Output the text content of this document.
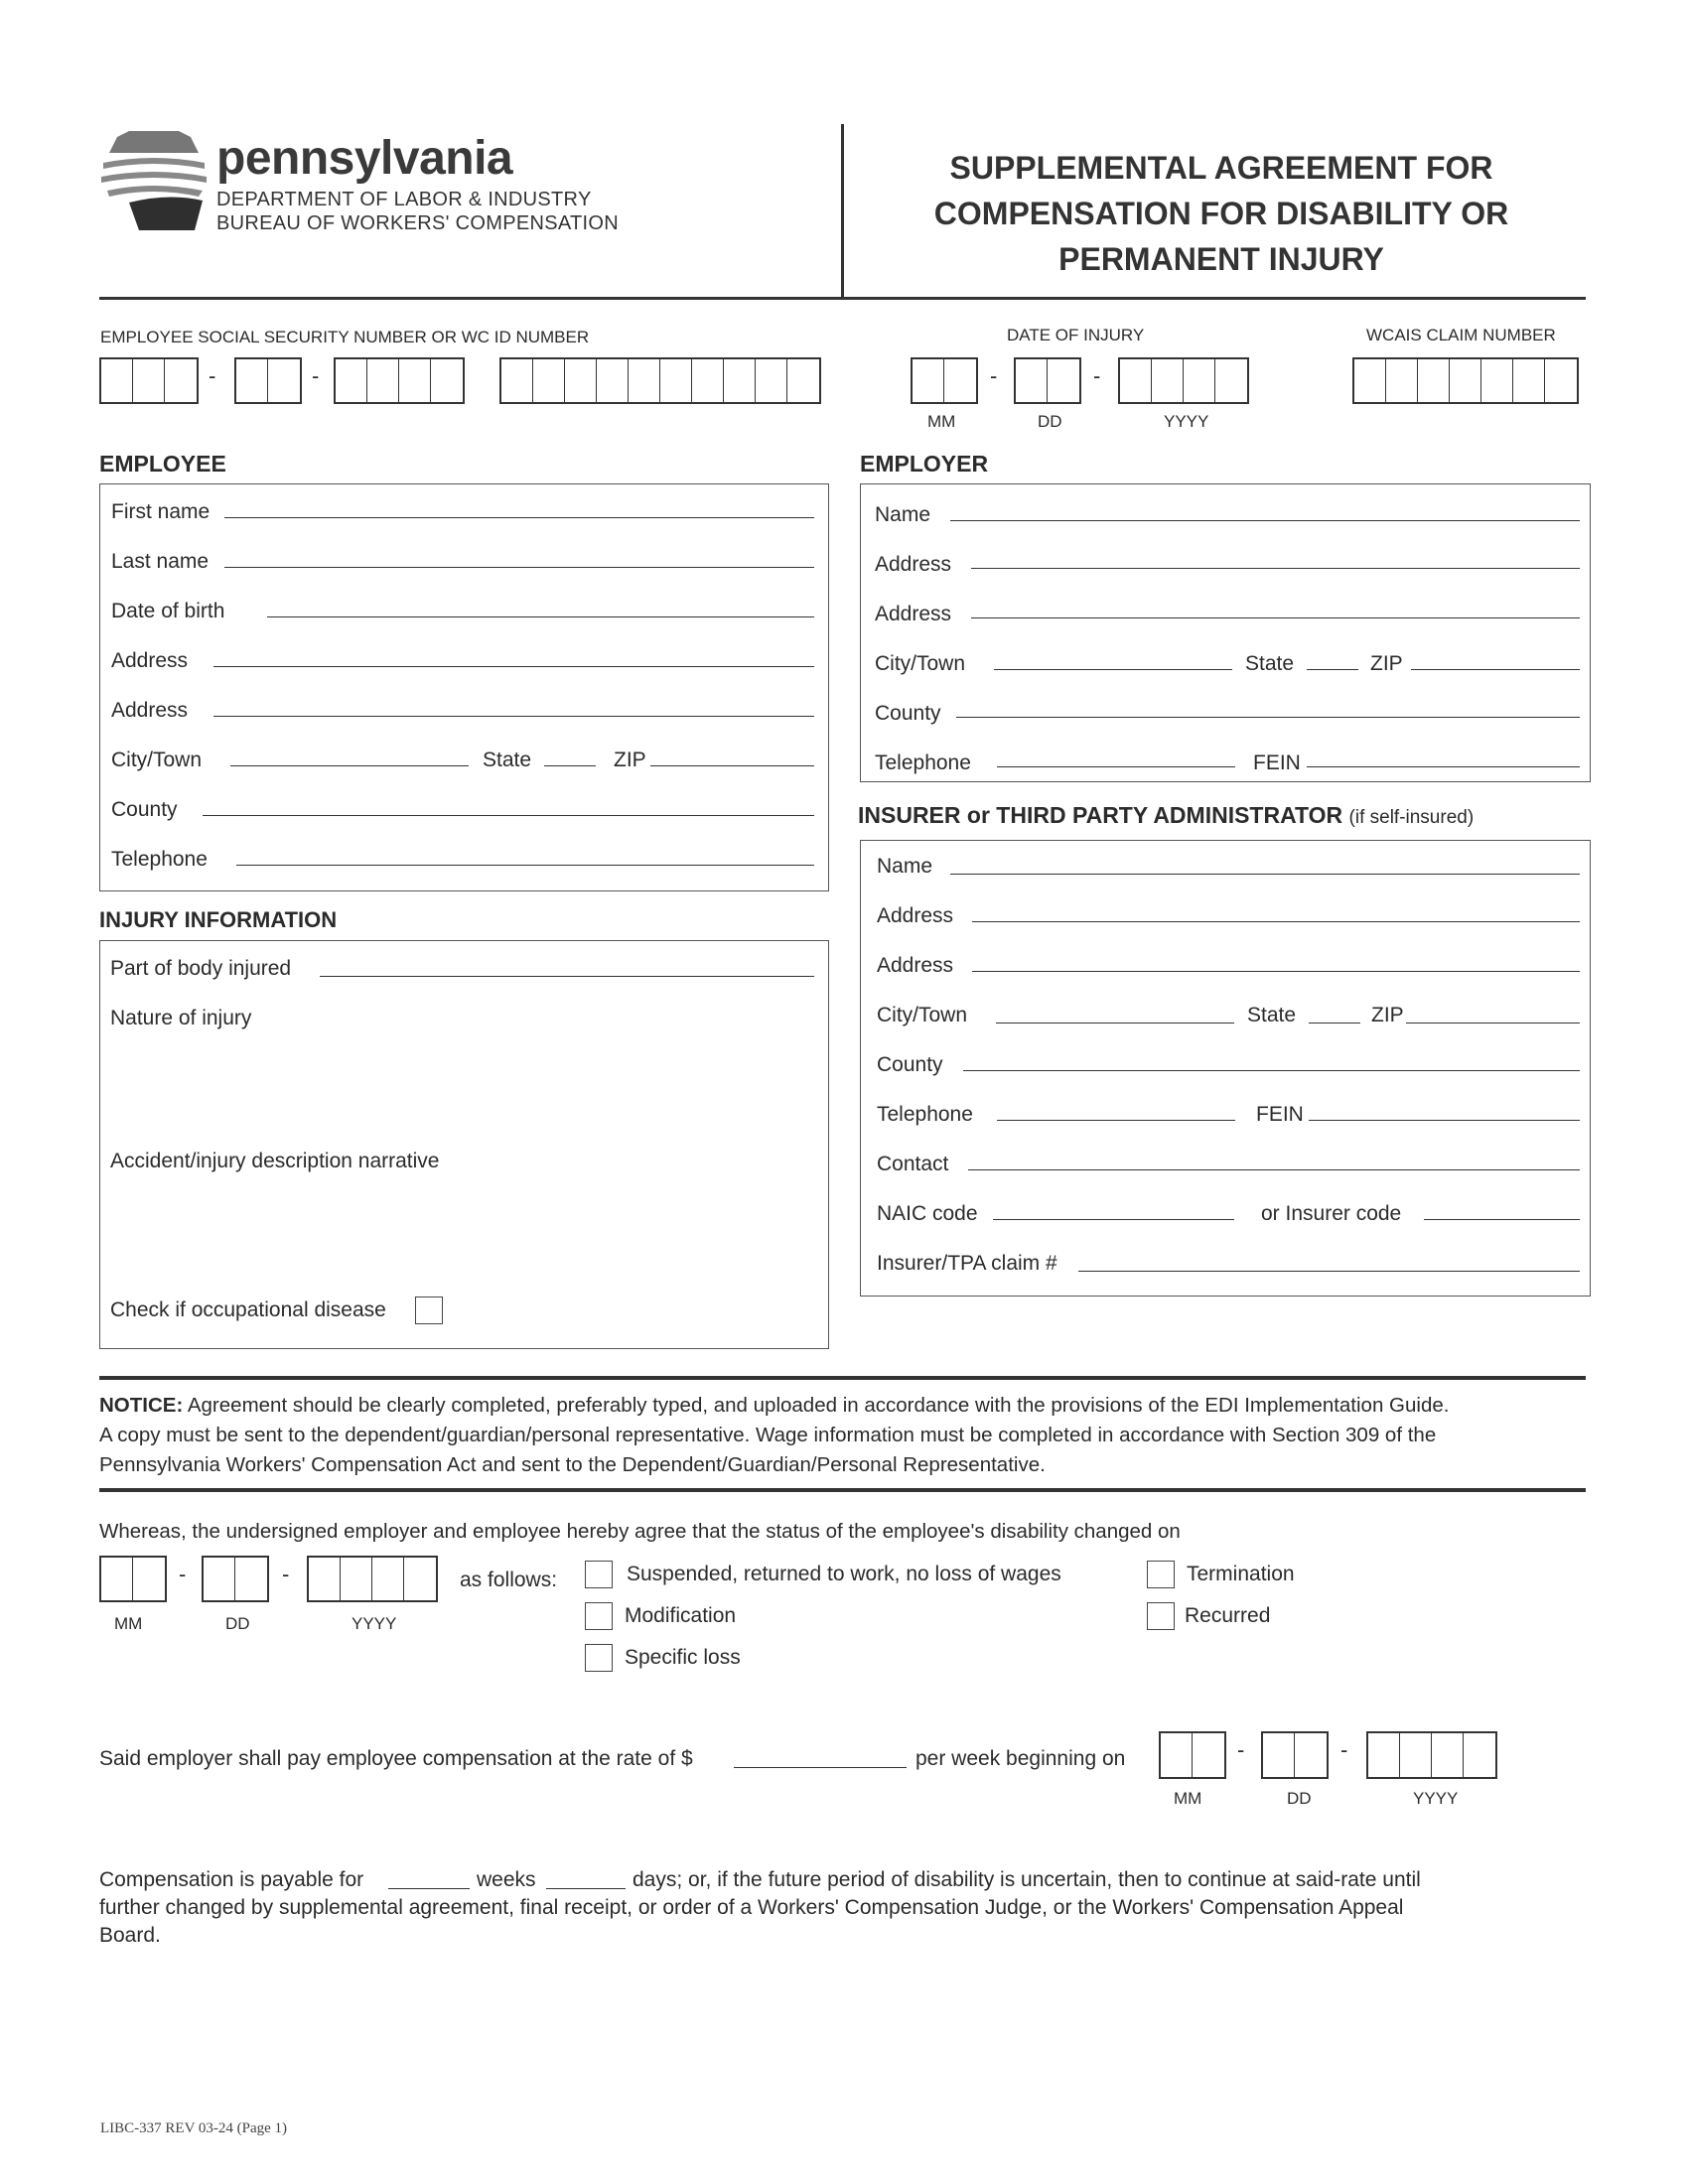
pennsylvania
DEPARTMENT OF LABOR & INDUSTRY
BUREAU OF WORKERS' COMPENSATION
SUPPLEMENTAL AGREEMENT FOR
COMPENSATION FOR DISABILITY OR
PERMANENT INJURY
EMPLOYEE SOCIAL SECURITY NUMBER OR WC ID NUMBER
-	-
DATE OF INJURY
-	-
MM	DD	YYYY
WCAIS CLAIM NUMBER
EMPLOYEE
First name
Last name
Date of birth
Address
Address
City/Town	State	ZIP
County
Telephone
INJURY INFORMATION
Part of body injured
Nature of injury
Accident/injury description narrative
Check if occupational disease
EMPLOYER
Name
Address
Address
City/Town	State	ZIP
County
Telephone	FEIN
INSURER or THIRD PARTY ADMINISTRATOR (if self-insured)
Name
Address
Address
City/Town	State	ZIP
County
Telephone	FEIN
Contact
NAIC code	or Insurer code
Insurer/TPA claim #
NOTICE: Agreement should be clearly completed, preferably typed, and uploaded in accordance with the provisions of the EDI Implementation Guide.
A copy must be sent to the dependent/guardian/personal representative. Wage information must be completed in accordance with Section 309 of the
Pennsylvania Workers' Compensation Act and sent to the Dependent/Guardian/Personal Representative.
Whereas, the undersigned employer and employee hereby agree that the status of the employee's disability changed on
-	-
MM	DD	YYYY
as follows:	Suspended, returned to work, no loss of wages
Modification
Specific loss
Termination
Recurred
Said employer shall pay employee compensation at the rate of $	per week beginning on	-	-
MM	DD	YYYY
Compensation is payable for	weeks	days; or, if the future period of disability is uncertain, then to continue at said-rate until
further changed by supplemental agreement, final receipt, or order of a Workers' Compensation Judge, or the Workers' Compensation Appeal
Board.
LIBC-337 REV 03-24 (Page 1)
